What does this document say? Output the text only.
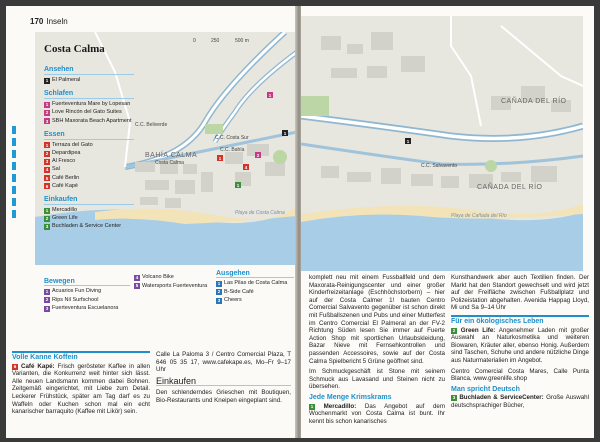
170 Inseln
BAHÍA CALMA
Costa Calma
C.C. Beliverde
C.C. Costa Sur
C.C. Bahía
Playa de Costa Calma
0	250	500 m
1
2
1
4
1
1
Costa Calma
Ansehen
1 El Palmeral
Schlafen
1 Fuerteventura Mare by Lopesan
2 Love Rincón del Gato Suites
3 SBH Maxorata Beach Apartment
Essen
1 Terraza del Gato
2 Depardipea
3 Al Fresco
4 Sal
5 Café Berlin
6 Café Kapé
Einkaufen
1 Mercadillo
2 Green Life
3 Buchladen & Service Center
Bewegen
1 Acuarios Fun Diving
2 Rips Nil Surfschool
3 Fuerteventura Escuelanora
4 Volcano Bike
5 Watersports Fuerteventura
Ausgehen
1 Las Pilas de Costa Calma
2 B-Side Café
3 Cheers
Volle Kanne Koffein

6 Café Kapé: Frisch gerösteter Kaffee in allen Varianten, die Konkurrenz weit hinter sich lässt. Alle neuen Landsmann kommen dabei Bohnen. Zeitgemäß eingerichtet, mit Liebe zum Detail. Leckerer Frühstück, später am Tag darf es zu Waffeln oder Kuchen schon mal ein echt kanarischer barraquito (Kaffee mit Likör) sein.

Calle La Paloma 3 / Centro Comercial Plaza, T 646 05 35 17, www.cafekape.es, Mo–Fr 9–17 Uhr

Einkaufen

Den schlenderndes Grieschen mit Boutiquen, Bio-Restaurants und Kneipen eingeplant sind.

CAÑADA DEL RÍO
CAÑADA DEL RÍO
Playa de Cañada del Río
C.C. Salvavento
1

komplett neu mit einem Fussballfeld und dem Maxorata-Reinigungscenter und einer großer Kinderfreizeitanlage (Eschhöchstorbern) – hier auf der Costa Calmer 1! bauten Centro Comercial Salvavento gegenüber ist schon direkt mit Fußballszenen und Pubs und einer Mutterfest im Centro Comercial El Palmeral an der FV-2 Richtung Süden lesen Sie immer auf Fuerte Action Shop mit sportlichen Urlaubskleidung, Bazar Nieve mit Fernsehkontrollen und passenden Accessoires, sowie auf der Costa Calma Spielbericht 5 Grüne geöffnet sind.

Im Schmuckgeschäft ist Stone mit seinem Schmuck aus Lavasand und Steinen nicht zu übersehen.

Jede Menge Krimskrams

1 Mercadillo: Das Angebot auf dem Wochenmarkt von Costa Calma ist bunt. Ihr kennt bis schon kanarisches

Kunsthandwerk aber auch Textilien finden. Der Markt hat den Standort gewechselt und wird jetzt auf der Freifläche zwischen Fußballplatz und Polizeistation abgehalten. Avenida Happag Lloyd, Mi und Sa 9–14 Uhr

Für ein ökologisches Leben

2 Green Life: Angenehmer Laden mit großer Auswahl an Naturkosmetika und weiteren Biowaren, Kräuter aller, ebenso Honig. Außerdem sind Taschen, Schuhe und andere nützliche Dinge aus Naturmaterialien im Angebot.

Centro Comercial Costa Mares, Calle Punta Blanca, www.greenlife.shop

Man spricht Deutsch

3 Buchladen & ServiceCenter: Große Auswahl deutschsprachiger Bücher,
